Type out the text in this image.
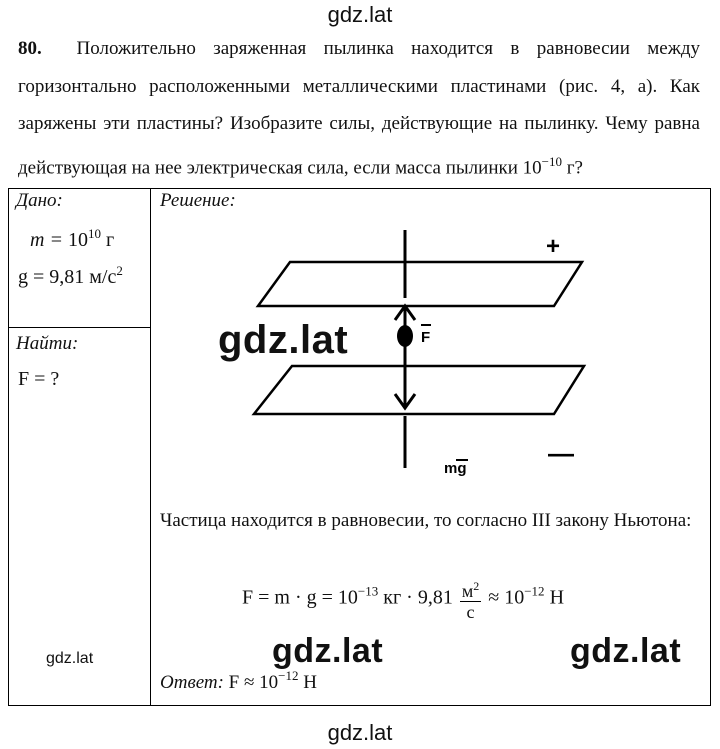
gdz.lat
80. Положительно заряженная пылинка находится в равновесии между горизонтально расположенными металлическими пластинами (рис. 4, а). Как заряжены эти пластины? Изобразите силы, действующие на пылинку. Чему равна действующая на нее электрическая сила, если масса пылинки $10^{-10}$ г?
Дано:
$m = 10^{10}$ г
g = 9,81 $м/с^2$
Найти:
F = ?
gdz.lat
Решение:
+
—
F
mg
gdz.lat
Частица находится в равновесии, то согласно III закону Ньютона:
$F = m \cdot g = 10^{-13}$ кг · $9,81 \frac{м^2}{с} \approx 10^{-12}$ Н
gdz.lat	gdz.lat
Ответ: $F \approx 10^{-12}$ Н
gdz.lat
